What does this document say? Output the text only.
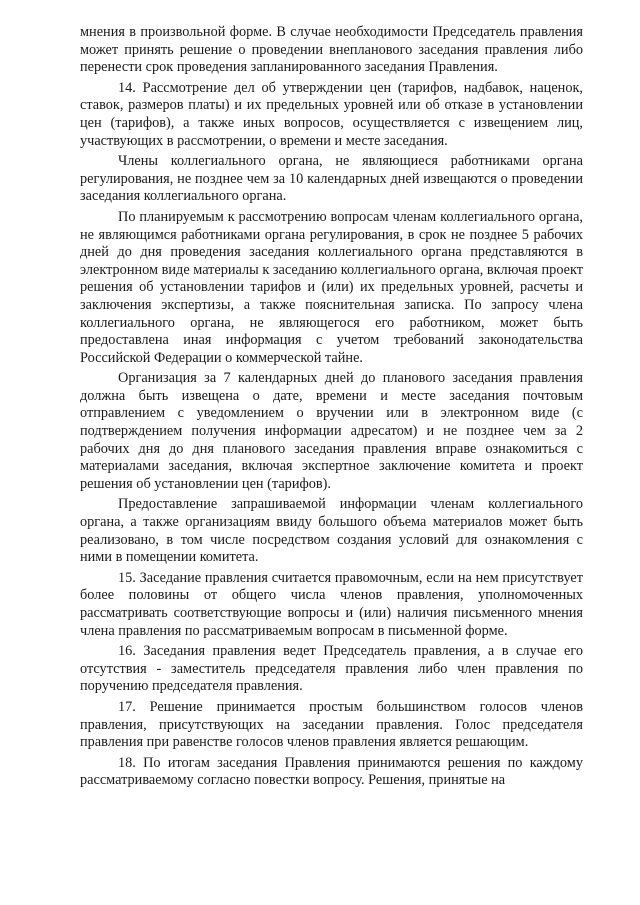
мнения в произвольной форме. В случае необходимости Председатель правления может принять решение о проведении внепланового заседания правления либо перенести срок проведения запланированного заседания Правления.

14. Рассмотрение дел об утверждении цен (тарифов, надбавок, наценок, ставок, размеров платы) и их предельных уровней или об отказе в установлении цен (тарифов), а также иных вопросов, осуществляется с извещением лиц, участвующих в рассмотрении, о времени и месте заседания.

Члены коллегиального органа, не являющиеся работниками органа регулирования, не позднее чем за 10 календарных дней извещаются о проведении заседания коллегиального органа.

По планируемым к рассмотрению вопросам членам коллегиального органа, не являющимся работниками органа регулирования, в срок не позднее 5 рабочих дней до дня проведения заседания коллегиального органа представляются в электронном виде материалы к заседанию коллегиального органа, включая проект решения об установлении тарифов и (или) их предельных уровней, расчеты и заключения экспертизы, а также пояснительная записка. По запросу члена коллегиального органа, не являющегося его работником, может быть предоставлена иная информация с учетом требований законодательства Российской Федерации о коммерческой тайне.

Организация за 7 календарных дней до планового заседания правления должна быть извещена о дате, времени и месте заседания почтовым отправлением с уведомлением о вручении или в электронном виде (с подтверждением получения информации адресатом) и не позднее чем за 2 рабочих дня до дня планового заседания правления вправе ознакомиться с материалами заседания, включая экспертное заключение комитета и проект решения об установлении цен (тарифов).

Предоставление запрашиваемой информации членам коллегиального органа, а также организациям ввиду большого объема материалов может быть реализовано, в том числе посредством создания условий для ознакомления с ними в помещении комитета.

15. Заседание правления считается правомочным, если на нем присутствует более половины от общего числа членов правления, уполномоченных рассматривать соответствующие вопросы и (или) наличия письменного мнения члена правления по рассматриваемым вопросам в письменной форме.

16. Заседания правления ведет Председатель правления, а в случае его отсутствия - заместитель председателя правления либо член правления по поручению председателя правления.

17. Решение принимается простым большинством голосов членов правления, присутствующих на заседании правления. Голос председателя правления при равенстве голосов членов правления является решающим.

18. По итогам заседания Правления принимаются решения по каждому рассматриваемому согласно повестки вопросу. Решения, принятые на
